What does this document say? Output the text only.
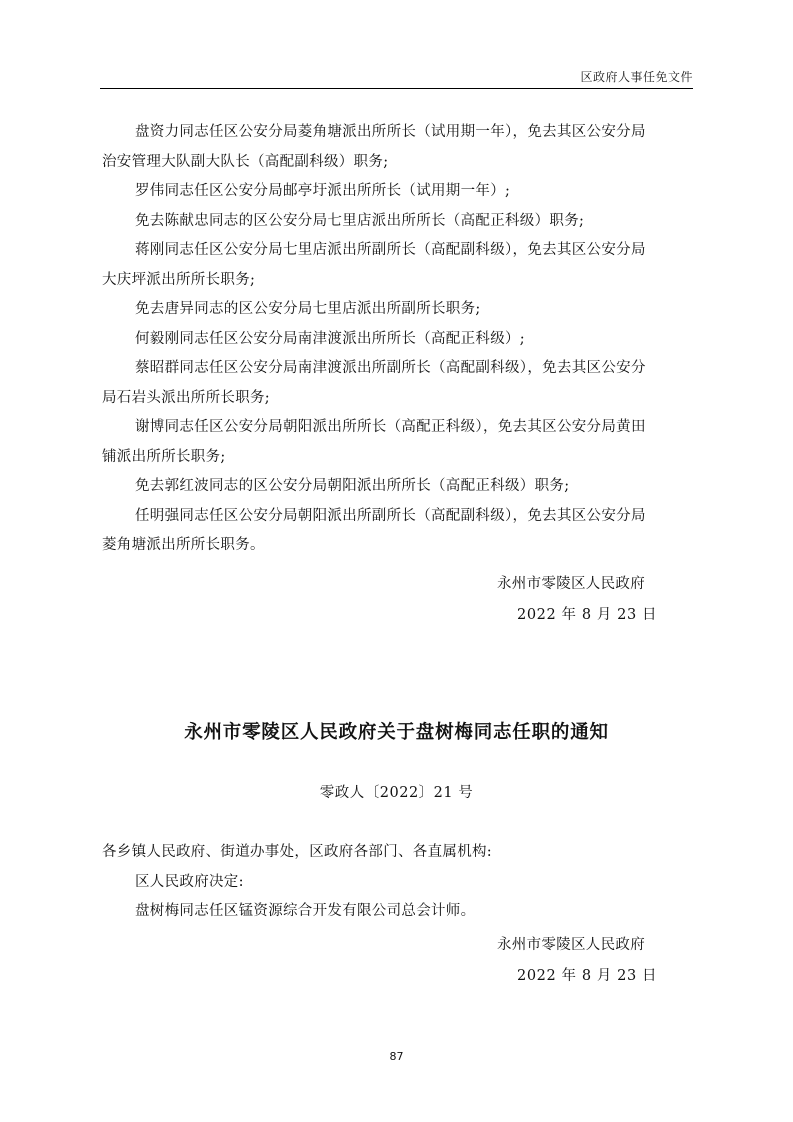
区政府人事任免文件
盘资力同志任区公安分局菱角塘派出所所长（试用期一年），免去其区公安分局
治安管理大队副大队长（高配副科级）职务;
罗伟同志任区公安分局邮亭圩派出所所长（试用期一年）;
免去陈献忠同志的区公安分局七里店派出所所长（高配正科级）职务;
蒋刚同志任区公安分局七里店派出所副所长（高配副科级），免去其区公安分局
大庆坪派出所所长职务;
免去唐异同志的区公安分局七里店派出所副所长职务;
何毅刚同志任区公安分局南津渡派出所所长（高配正科级）;
蔡昭群同志任区公安分局南津渡派出所副所长（高配副科级），免去其区公安分
局石岩头派出所所长职务;
谢博同志任区公安分局朝阳派出所所长（高配正科级），免去其区公安分局黄田
铺派出所所长职务;
免去郭红波同志的区公安分局朝阳派出所所长（高配正科级）职务;
任明强同志任区公安分局朝阳派出所副所长（高配副科级），免去其区公安分局
菱角塘派出所所长职务。
永州市零陵区人民政府
2022 年 8 月 23 日
永州市零陵区人民政府关于盘树梅同志任职的通知
零政人〔2022〕21 号
各乡镇人民政府、街道办事处，区政府各部门、各直属机构:
区人民政府决定:
盘树梅同志任区锰资源综合开发有限公司总会计师。
永州市零陵区人民政府
2022 年 8 月 23 日
87
